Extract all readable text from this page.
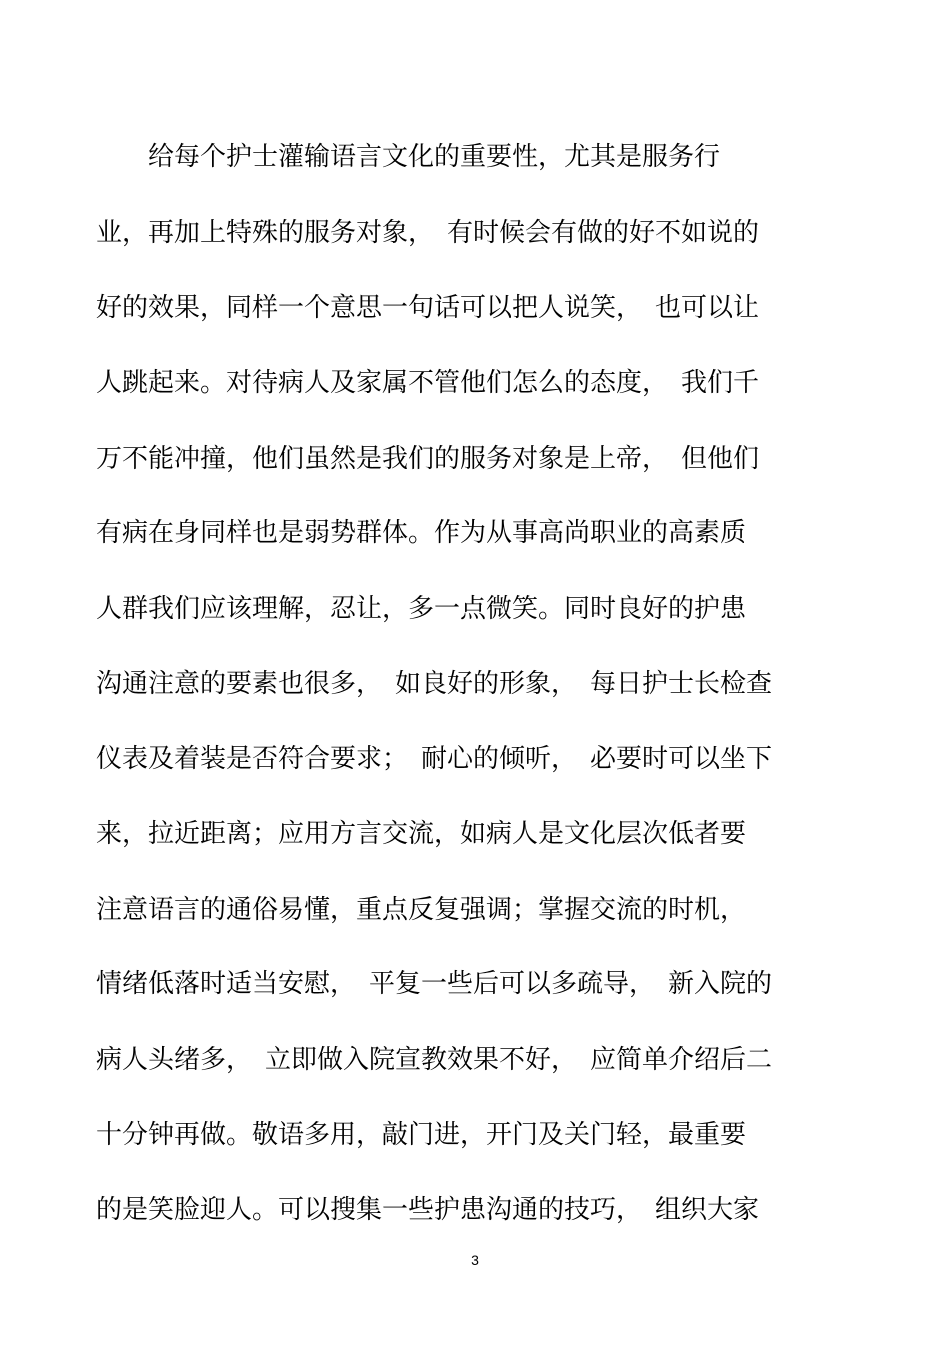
　　给每个护士灌输语言文化的重要性，尤其是服务行
业，再加上特殊的服务对象，　有时候会有做的好不如说的
好的效果，同样一个意思一句话可以把人说笑，　也可以让
人跳起来。对待病人及家属不管他们怎么的态度，　我们千
万不能冲撞，他们虽然是我们的服务对象是上帝，　但他们
有病在身同样也是弱势群体。作为从事高尚职业的高素质
人群我们应该理解，忍让，多一点微笑。同时良好的护患
沟通注意的要素也很多，　如良好的形象，　每日护士长检查
仪表及着装是否符合要求；　耐心的倾听，　必要时可以坐下
来，拉近距离；应用方言交流，如病人是文化层次低者要
注意语言的通俗易懂，重点反复强调；掌握交流的时机，
情绪低落时适当安慰，　平复一些后可以多疏导，　新入院的
病人头绪多，　立即做入院宣教效果不好，　应简单介绍后二
十分钟再做。敬语多用，敲门进，开门及关门轻，最重要
的是笑脸迎人。可以搜集一些护患沟通的技巧，　组织大家
3
